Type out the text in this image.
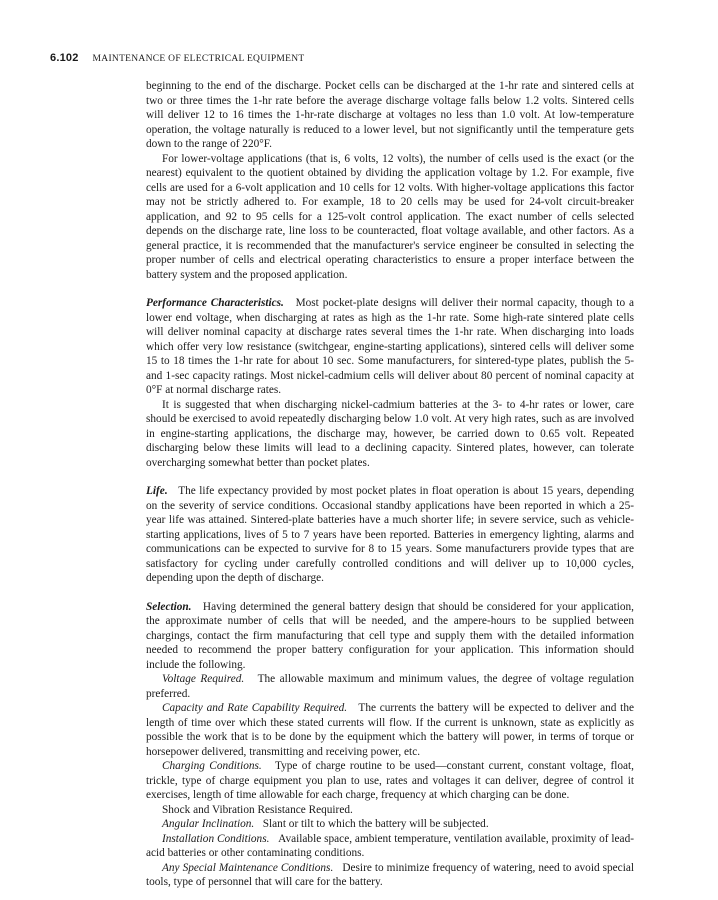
6.102 MAINTENANCE OF ELECTRICAL EQUIPMENT

beginning to the end of the discharge. Pocket cells can be discharged at the 1-hr rate and sintered cells at two or three times the 1-hr rate before the average discharge voltage falls below 1.2 volts. Sintered cells will deliver 12 to 16 times the 1-hr-rate discharge at voltages no less than 1.0 volt. At low-temperature operation, the voltage naturally is reduced to a lower level, but not significantly until the temperature gets down to the range of 220°F.

For lower-voltage applications (that is, 6 volts, 12 volts), the number of cells used is the exact (or the nearest) equivalent to the quotient obtained by dividing the application voltage by 1.2. For example, five cells are used for a 6-volt application and 10 cells for 12 volts. With higher-voltage applications this factor may not be strictly adhered to. For example, 18 to 20 cells may be used for 24-volt circuit-breaker application, and 92 to 95 cells for a 125-volt control application. The exact number of cells selected depends on the discharge rate, line loss to be counteracted, float voltage available, and other factors. As a general practice, it is recommended that the manufacturer's service engineer be consulted in selecting the proper number of cells and electrical operating characteristics to ensure a proper interface between the battery system and the proposed application.

Performance Characteristics. Most pocket-plate designs will deliver their normal capacity, though to a lower end voltage, when discharging at rates as high as the 1-hr rate. Some high-rate sintered plate cells will deliver nominal capacity at discharge rates several times the 1-hr rate. When discharging into loads which offer very low resistance (switchgear, engine-starting applications), sintered cells will deliver some 15 to 18 times the 1-hr rate for about 10 sec. Some manufacturers, for sintered-type plates, publish the 5- and 1-sec capacity ratings. Most nickel-cadmium cells will deliver about 80 percent of nominal capacity at 0°F at normal discharge rates.

It is suggested that when discharging nickel-cadmium batteries at the 3- to 4-hr rates or lower, care should be exercised to avoid repeatedly discharging below 1.0 volt. At very high rates, such as are involved in engine-starting applications, the discharge may, however, be carried down to 0.65 volt. Repeated discharging below these limits will lead to a declining capacity. Sintered plates, however, can tolerate overcharging somewhat better than pocket plates.

Life. The life expectancy provided by most pocket plates in float operation is about 15 years, depending on the severity of service conditions. Occasional standby applications have been reported in which a 25-year life was attained. Sintered-plate batteries have a much shorter life; in severe service, such as vehicle-starting applications, lives of 5 to 7 years have been reported. Batteries in emergency lighting, alarms and communications can be expected to survive for 8 to 15 years. Some manufacturers provide types that are satisfactory for cycling under carefully controlled conditions and will deliver up to 10,000 cycles, depending upon the depth of discharge.

Selection. Having determined the general battery design that should be considered for your application, the approximate number of cells that will be needed, and the ampere-hours to be supplied between chargings, contact the firm manufacturing that cell type and supply them with the detailed information needed to recommend the proper battery configuration for your application. This information should include the following.

Voltage Required. The allowable maximum and minimum values, the degree of voltage regulation preferred.

Capacity and Rate Capability Required. The currents the battery will be expected to deliver and the length of time over which these stated currents will flow. If the current is unknown, state as explicitly as possible the work that is to be done by the equipment which the battery will power, in terms of torque or horsepower delivered, transmitting and receiving power, etc.

Charging Conditions. Type of charge routine to be used—constant current, constant voltage, float, trickle, type of charge equipment you plan to use, rates and voltages it can deliver, degree of control it exercises, length of time allowable for each charge, frequency at which charging can be done.

Shock and Vibration Resistance Required.

Angular Inclination. Slant or tilt to which the battery will be subjected.

Installation Conditions. Available space, ambient temperature, ventilation available, proximity of lead-acid batteries or other contaminating conditions.

Any Special Maintenance Conditions. Desire to minimize frequency of watering, need to avoid special tools, type of personnel that will care for the battery.
